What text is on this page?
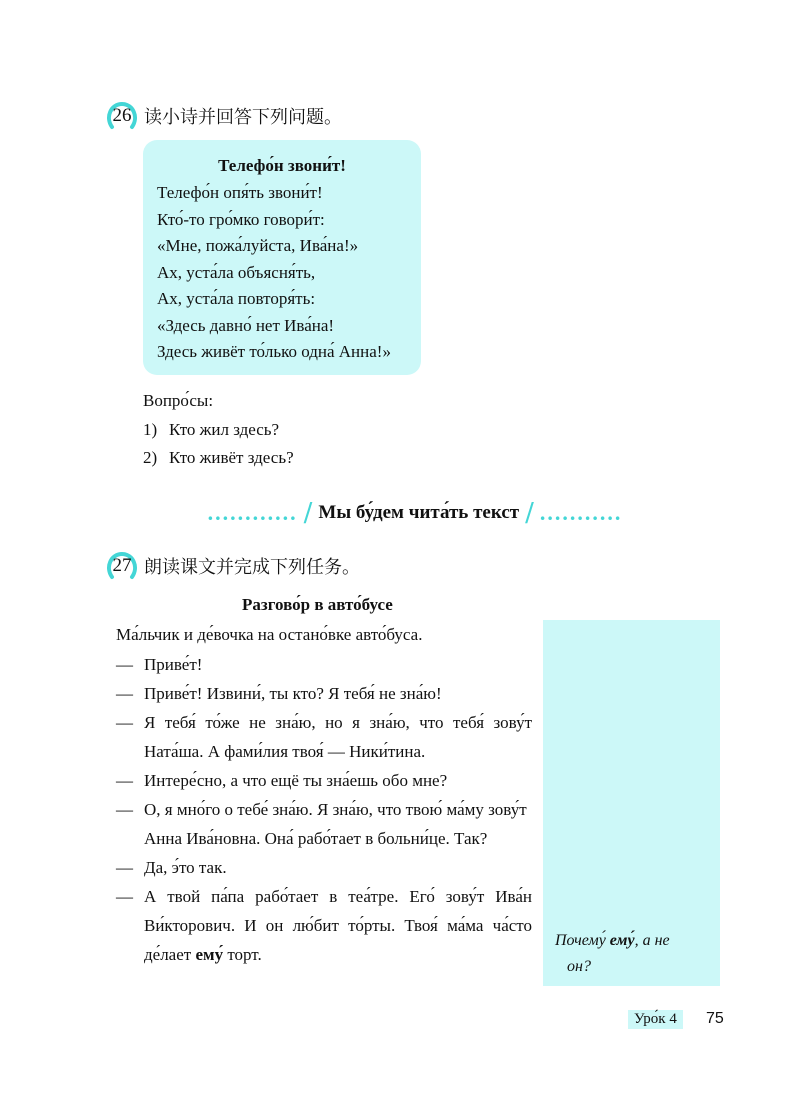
26 读小诗并回答下列问题。
Телефо́н звони́т!
Телефо́н опя́ть звони́т!
Кто́-то гро́мко говори́т:
«Мне, пожа́луйста, Ива́на!»
Ах, уста́ла объясня́ть,
Ах, уста́ла повторя́ть:
«Здесь давно́ нет Ива́на!
Здесь живёт то́лько одна́ Анна!»
Вопро́сы:
1) Кто жил здесь?
2) Кто живёт здесь?
............ / Мы бу́дем чита́ть текст / ...........
27 朗读课文并完成下列任务。
Разгово́р в авто́бусе
Ма́льчик и де́вочка на остано́вке авто́буса.
— Приве́т!
— Приве́т! Извини́, ты кто? Я тебя́ не зна́ю!
— Я тебя́ то́же не зна́ю, но я зна́ю, что тебя́ зову́т
Ната́ша. А фами́лия твоя́ — Ники́тина.
— Интере́сно, а что ещё ты зна́ешь обо мне?
— О, я мно́го о тебе́ зна́ю. Я зна́ю, что твою́ ма́му зову́т
Анна Ива́новна. Она́ рабо́тает в больни́це. Так?
— Да, э́то так.
— А твой па́па рабо́тает в теа́тре. Его́ зову́т Ива́н
Ви́кторович. И он лю́бит то́рты. Твоя́ ма́ма ча́сто
де́лает ему́ торт.
Почему́ ему́, а не
он?
Уро́к 4	75
